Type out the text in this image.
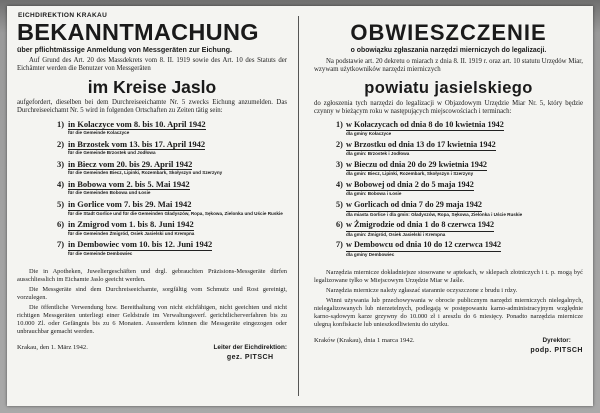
EICHDIREKTION KRAKAU
BEKANNTMACHUNG
über pflichtmässige Anmeldung von Messgeräten zur Eichung.

Auf Grund des Art. 20 des Massdekrets vom 8. II. 1919 sowie des Art. 10 des Statuts der Eichämter werden die Benutzer von Messgeräten

im Kreise Jaslo

aufgefordert, dieselben bei dem Durchreiseeichamte Nr. 5 zwecks Eichung anzumelden. Das Durchreiseeichamt Nr. 5 wird in folgenden Ortschaften zu Zeiten tätig sein:

1) in Kolaczyce vom 8. bis 10. April 1942
für die Gemeinde Kolaczyce
2) in Brzostek vom 13. bis 17. April 1942
für die Gemeinde Brzostek und Jodłowa
3) in Biecz vom 20. bis 29. April 1942
für die Gemeinden Biecz, Lipinki, Rozembark, Skołyszyn und Szerzyny
4) in Bobowa vom 2. bis 5. Mai 1942
für die Gemeinden Bobowa und Łosie
5) in Gorlice vom 7. bis 29. Mai 1942
für die Stadt Gorlice und für die Gemeinden Gładyszów, Ropa, Sękowa, Zielonka und Uście Ruskie
6) in Zmigrod vom 1. bis 8. Juni 1942
für die Gemeinden Żmigród, Osiek Jasielski und Krempna
7) in Dembowiec vom 10. bis 12. Juni 1942
für die Gemeinde Dembowiec

Die in Apotheken, Juweliergeschäften und drgl. gebrauchten Präzisions-Messgeräte dürfen ausschliesslich im Eichamte Jaslo geeicht werden.

Die Messgeräte sind dem Durchreiseeichamte, sorgfältig vom Schmutz und Rost gereinigt, vorzulegen.

Die öffentliche Verwendung bzw. Bereithaltung von nicht eichfähigen, nicht geeichten und nicht richtigen Messgeräten unterliegt einer Geldstrafe im Verwaltungsverf. gerichtlicherverfahren bis zu 10.000 Zl. oder Gefängnis bis zu 6 Monaten. Ausserdem können die Messgeräte eingezogen oder unbrauchbar gemacht werden.

Krakau, den 1. März 1942.	Leiter der Eichdirektion:
gez. PITSCH
OBWIESZCZENIE
o obowiązku zgłaszania narzędzi mierniczych do legalizacji.

Na podstawie art. 20 dekretu o miarach z dnia 8. II. 1919 r. oraz art. 10 statutu Urzędów Miar, wzywam użytkowników narzędzi mierniczych

powiatu jasielskiego

do zgłoszenia tych narzędzi do legalizacji w Objazdowym Urzędzie Miar Nr. 5, który będzie czynny w bieżącym roku w następujących miejscowościach i terminach:

1) w Kołaczycach od dnia 8 do 10 kwietnia 1942
dla gminy Kołaczyce
2) w Brzostku od dnia 13 do 17 kwietnia 1942
dla gmin: Brzostek i Jodłowa
3) w Bieczu od dnia 20 do 29 kwietnia 1942
dla gmin: Biecz, Lipinki, Rozembark, Skołyszyn i Szerzyny
4) w Bobowej od dnia 2 do 5 maja 1942
dla gmin: Bobowa i Łosie
5) w Gorlicach od dnia 7 do 29 maja 1942
dla miasta Gorlice i dla gmin: Gładyszów, Ropa, Sękowa, Zielonka i Uście Ruskie
6) w Żmigrodzie od dnia 1 do 8 czerwca 1942
dla gmin: Żmigród, Osiek Jasielski i Krempna
7) w Dembowcu od dnia 10 do 12 czerwca 1942
dla gminy Dembowiec

Narzędzia miernicze dokładniejsze stosowane w aptekach, w sklepach złotniczych i t. p. mogą być legalizowane tylko w Miejscowym Urzędzie Miar w Jaśle.

Narzędzia miernicze należy zgłaszać starannie oczyszczone z brudu i rdzy.

Winni używania lub przechowywania w obrocie publicznym narzędzi mierniczych nielegalnych, nielegalizowanych lub nierzetelnych, podlegają w postępowaniu karno-administracyjnym względnie karno-sądowym karze grzywny do 10.000 zł i areszlu do 6 miesięcy. Ponadto narzędzia miernicze ulegną konfiskacie lub unieszkodliwieniu do użytku.

Kraków (Krakau), dnia 1 marca 1942.	Dyrektor:
podp. PITSCH
